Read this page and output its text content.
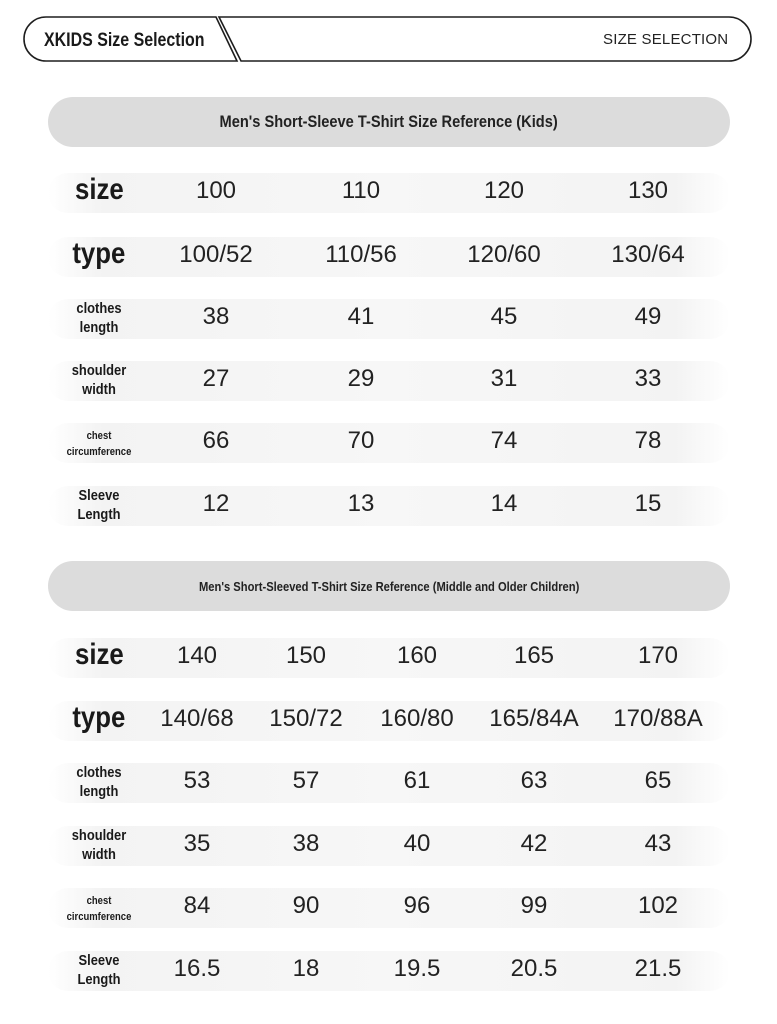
XKIDS Size Selection	SIZE SELECTION
Men's Short-Sleeve T-Shirt Size Reference (Kids)
size	100	110	120	130
type	100/52	110/56	120/60	130/64
clothes length	38	41	45	49
shoulder width	27	29	31	33
chest circumference	66	70	74	78
Sleeve Length	12	13	14	15
Men's Short-Sleeved T-Shirt Size Reference (Middle and Older Children)
size	140	150	160	165	170
type	140/68	150/72	160/80	165/84A	170/88A
clothes length	53	57	61	63	65
shoulder width	35	38	40	42	43
chest circumference	84	90	96	99	102
Sleeve Length	16.5	18	19.5	20.5	21.5
